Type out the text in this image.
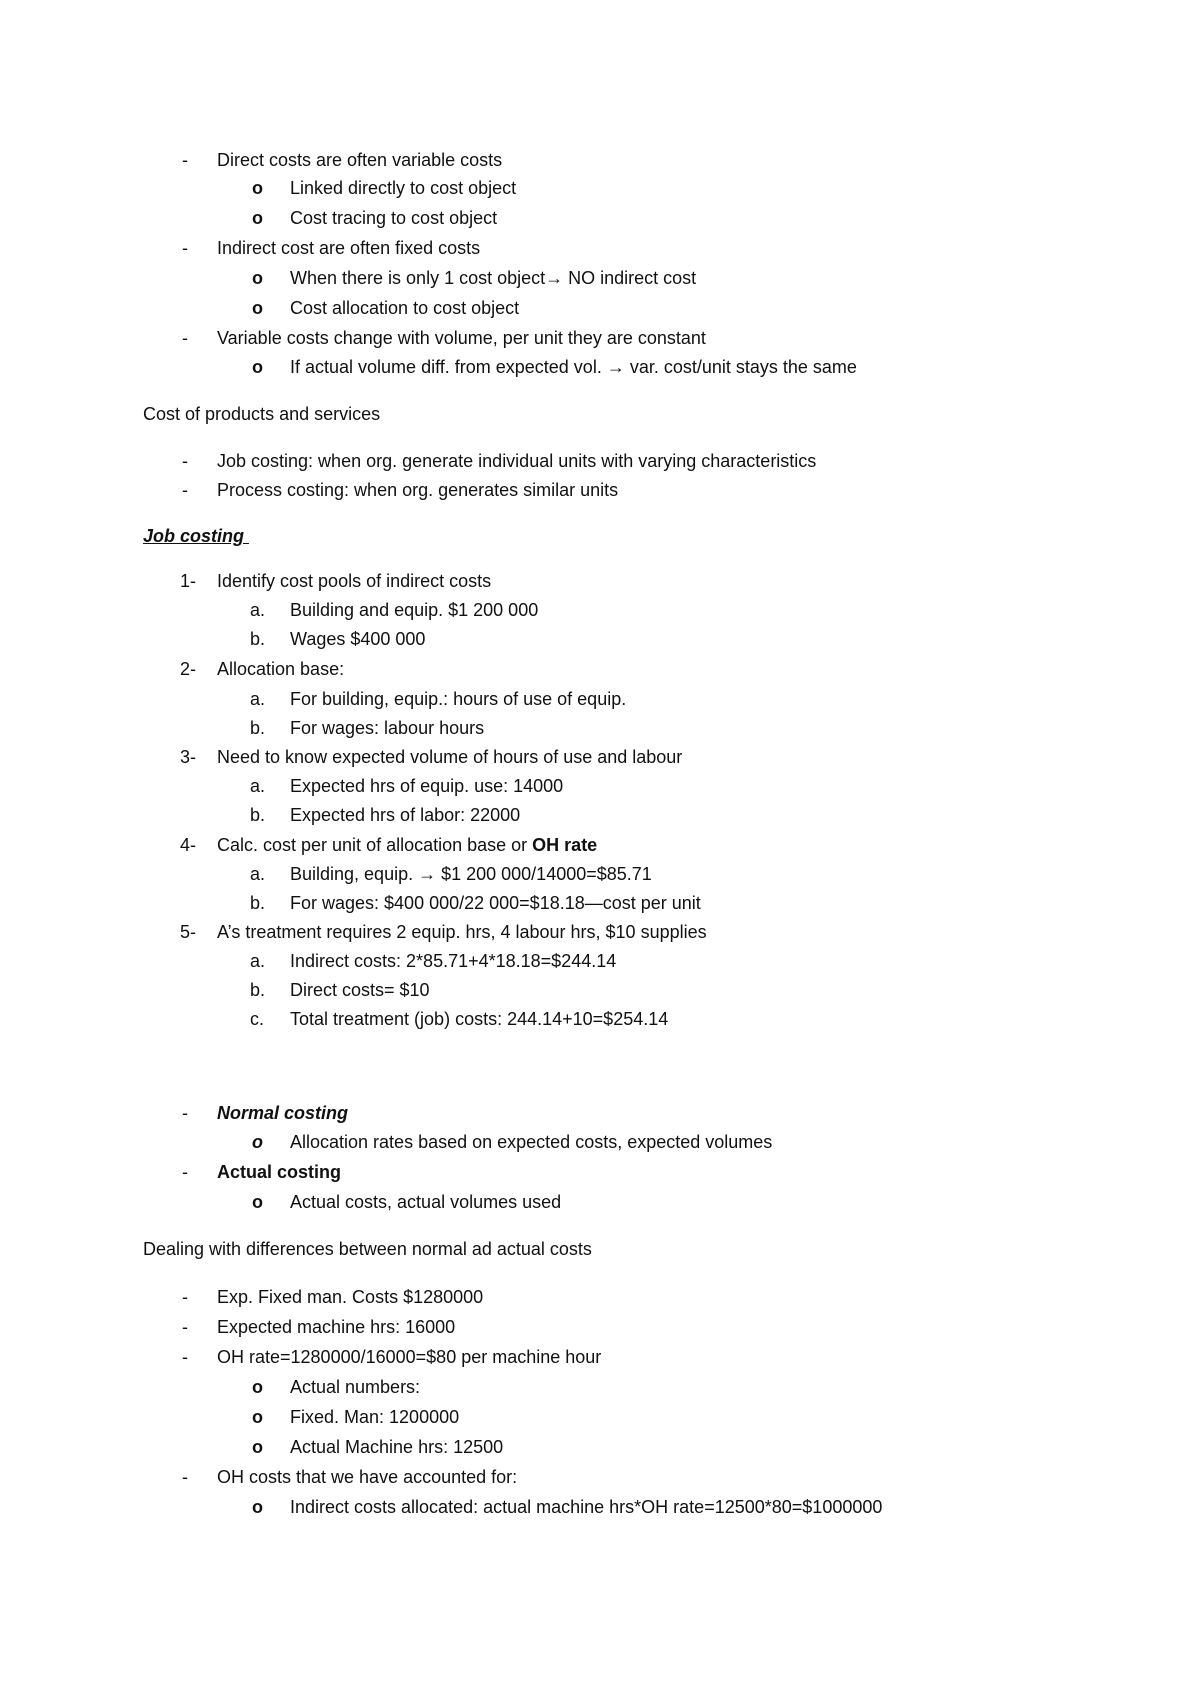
- Direct costs are often variable costs
o Linked directly to cost object
o Cost tracing to cost object
- Indirect cost are often fixed costs
o When there is only 1 cost object→ NO indirect cost
o Cost allocation to cost object
- Variable costs change with volume, per unit they are constant
o If actual volume diff. from expected vol. → var. cost/unit stays the same
Cost of products and services
- Job costing: when org. generate individual units with varying characteristics
- Process costing: when org. generates similar units
Job costing
1- Identify cost pools of indirect costs
a. Building and equip. $1 200 000
b. Wages $400 000
2- Allocation base:
a. For building, equip.: hours of use of equip.
b. For wages: labour hours
3- Need to know expected volume of hours of use and labour
a. Expected hrs of equip. use: 14000
b. Expected hrs of labor: 22000
4- Calc. cost per unit of allocation base or OH rate
a. Building, equip. → $1 200 000/14000=$85.71
b. For wages: $400 000/22 000=$18.18—cost per unit
5- A’s treatment requires 2 equip. hrs, 4 labour hrs, $10 supplies
a. Indirect costs: 2*85.71+4*18.18=$244.14
b. Direct costs= $10
c. Total treatment (job) costs: 244.14+10=$254.14
- Normal costing
o Allocation rates based on expected costs, expected volumes
- Actual costing
o Actual costs, actual volumes used
Dealing with differences between normal ad actual costs
- Exp. Fixed man. Costs $1280000
- Expected machine hrs: 16000
- OH rate=1280000/16000=$80 per machine hour
o Actual numbers:
o Fixed. Man: 1200000
o Actual Machine hrs: 12500
- OH costs that we have accounted for:
o Indirect costs allocated: actual machine hrs*OH rate=12500*80=$1000000
